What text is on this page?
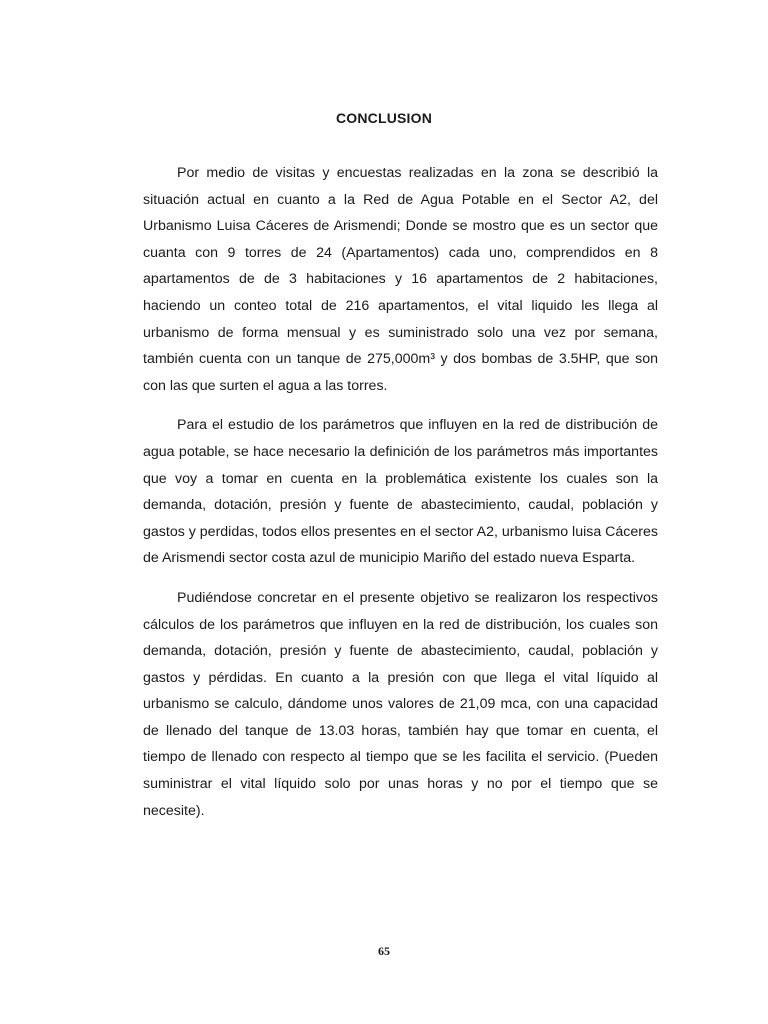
CONCLUSION

Por medio de visitas y encuestas realizadas en la zona se describió la situación actual en cuanto a la Red de Agua Potable en el Sector A2, del Urbanismo Luisa Cáceres de Arismendi; Donde se mostro que es un sector que cuanta con 9 torres de 24 (Apartamentos) cada uno, comprendidos en 8 apartamentos de de 3 habitaciones y 16 apartamentos de 2 habitaciones, haciendo un conteo total de 216 apartamentos, el vital liquido les llega al urbanismo de forma mensual y es suministrado solo una vez por semana, también cuenta con un tanque de 275,000m³ y dos bombas de 3.5HP, que son con las que surten el agua a las torres.

Para el estudio de los parámetros que influyen en la red de distribución de agua potable, se hace necesario la definición de los parámetros más importantes que voy a tomar en cuenta en la problemática existente los cuales son la demanda, dotación, presión y fuente de abastecimiento, caudal, población y gastos y perdidas, todos ellos presentes en el sector A2, urbanismo luisa Cáceres de Arismendi sector costa azul de municipio Mariño del estado nueva Esparta.

Pudiéndose concretar en el presente objetivo se realizaron los respectivos cálculos de los parámetros que influyen en la red de distribución, los cuales son demanda, dotación, presión y fuente de abastecimiento, caudal, población y gastos y pérdidas. En cuanto a la presión con que llega el vital líquido al urbanismo se calculo, dándome unos valores de 21,09 mca, con una capacidad de llenado del tanque de 13.03 horas, también hay que tomar en cuenta, el tiempo de llenado con respecto al tiempo que se les facilita el servicio. (Pueden suministrar el vital líquido solo por unas horas y no por el tiempo que se necesite).

65
